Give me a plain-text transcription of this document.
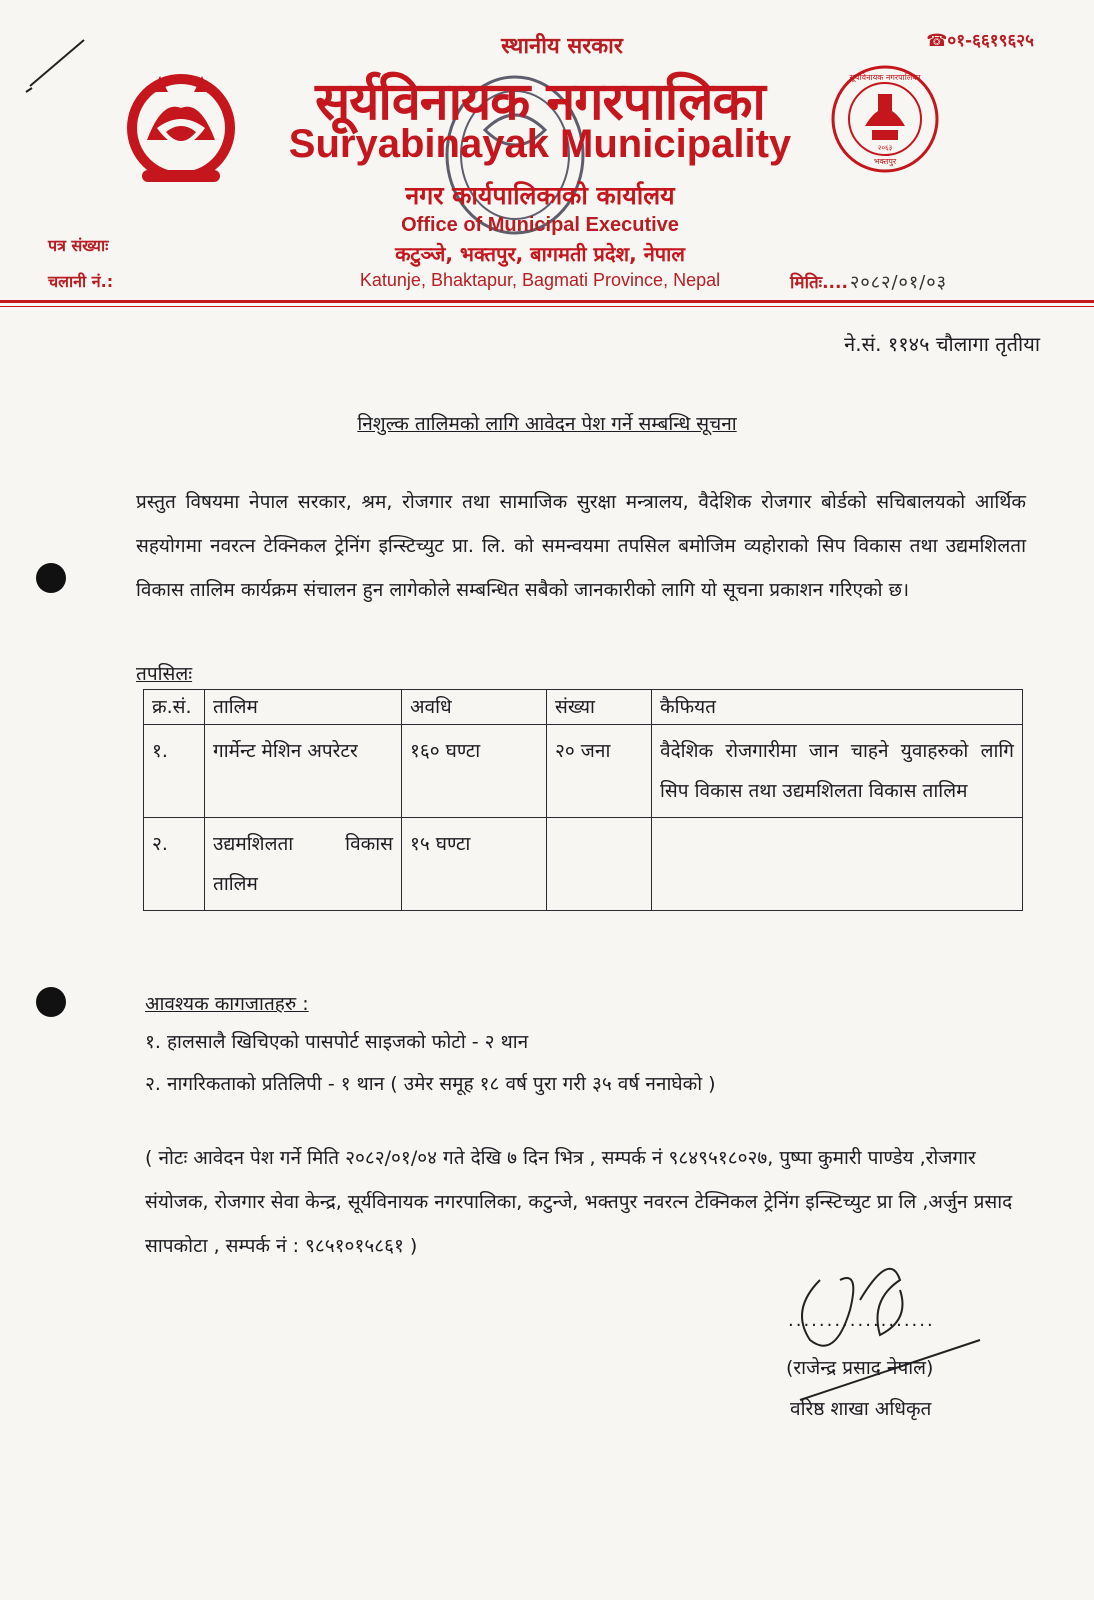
सूर्यविनायक नगरपालिका
२०६३
भक्तपुर
☎०१-६६१९६२५
स्थानीय सरकार
सूर्यविनायक नगरपालिका
Suryabinayak Municipality
नगर कार्यपालिकाको कार्यालय
Office of Municipal Executive
कटुञ्जे, भक्तपुर, बागमती प्रदेश, नेपाल
Katunje, Bhaktapur, Bagmati Province, Nepal
पत्र संख्याः
चलानी नं.:	मितिः.... २०८२/०१/०३
ने.सं. ११४५ चौलागा तृतीया
निशुल्क तालिमको लागि आवेदन पेश गर्ने सम्बन्धि सूचना
प्रस्तुत विषयमा नेपाल सरकार, श्रम, रोजगार तथा सामाजिक सुरक्षा मन्त्रालय, वैदेशिक रोजगार बोर्डको सचिबालयको आर्थिक सहयोगमा नवरत्न टेक्निकल ट्रेनिंग इन्स्टिच्युट प्रा. लि. को समन्वयमा तपसिल बमोजिम व्यहोराको सिप विकास तथा उद्यमशिलता विकास तालिम कार्यक्रम संचालन हुन लागेकोले सम्बन्धित सबैको जानकारीको लागि यो सूचना प्रकाशन गरिएको छ।
तपसिलः
क्र.सं.	तालिम	अवधि	संख्या	कैफियत
१.	गार्मेन्ट मेशिन अपरेटर	१६० घण्टा	२० जना	वैदेशिक रोजगारीमा जान चाहने युवाहरुको लागि सिप विकास तथा उद्यमशिलता विकास तालिम
२.	उद्यमशिलता विकास तालिम	१५ घण्टा		
आवश्यक कागजातहरु :
१. हालसालै खिचिएको पासपोर्ट साइजको फोटो - २ थान
२. नागरिकताको प्रतिलिपी - १ थान ( उमेर समूह १८ वर्ष पुरा गरी ३५ वर्ष ननाघेको )
( नोटः आवेदन पेश गर्ने मिति २०८२/०१/०४ गते देखि ७ दिन भित्र , सम्पर्क नं ९८४९५१८०२७, पुष्पा कुमारी पाण्डेय ,रोजगार संयोजक, रोजगार सेवा केन्द्र, सूर्यविनायक नगरपालिका, कटुन्जे, भक्तपुर नवरत्न टेक्निकल ट्रेनिंग इन्स्टिच्युट प्रा लि ,अर्जुन प्रसाद सापकोटा , सम्पर्क नं : ९८५१०१५८६१ )
...................
(राजेन्द्र प्रसाद नेपाल)
वरिष्ठ शाखा अधिकृत
